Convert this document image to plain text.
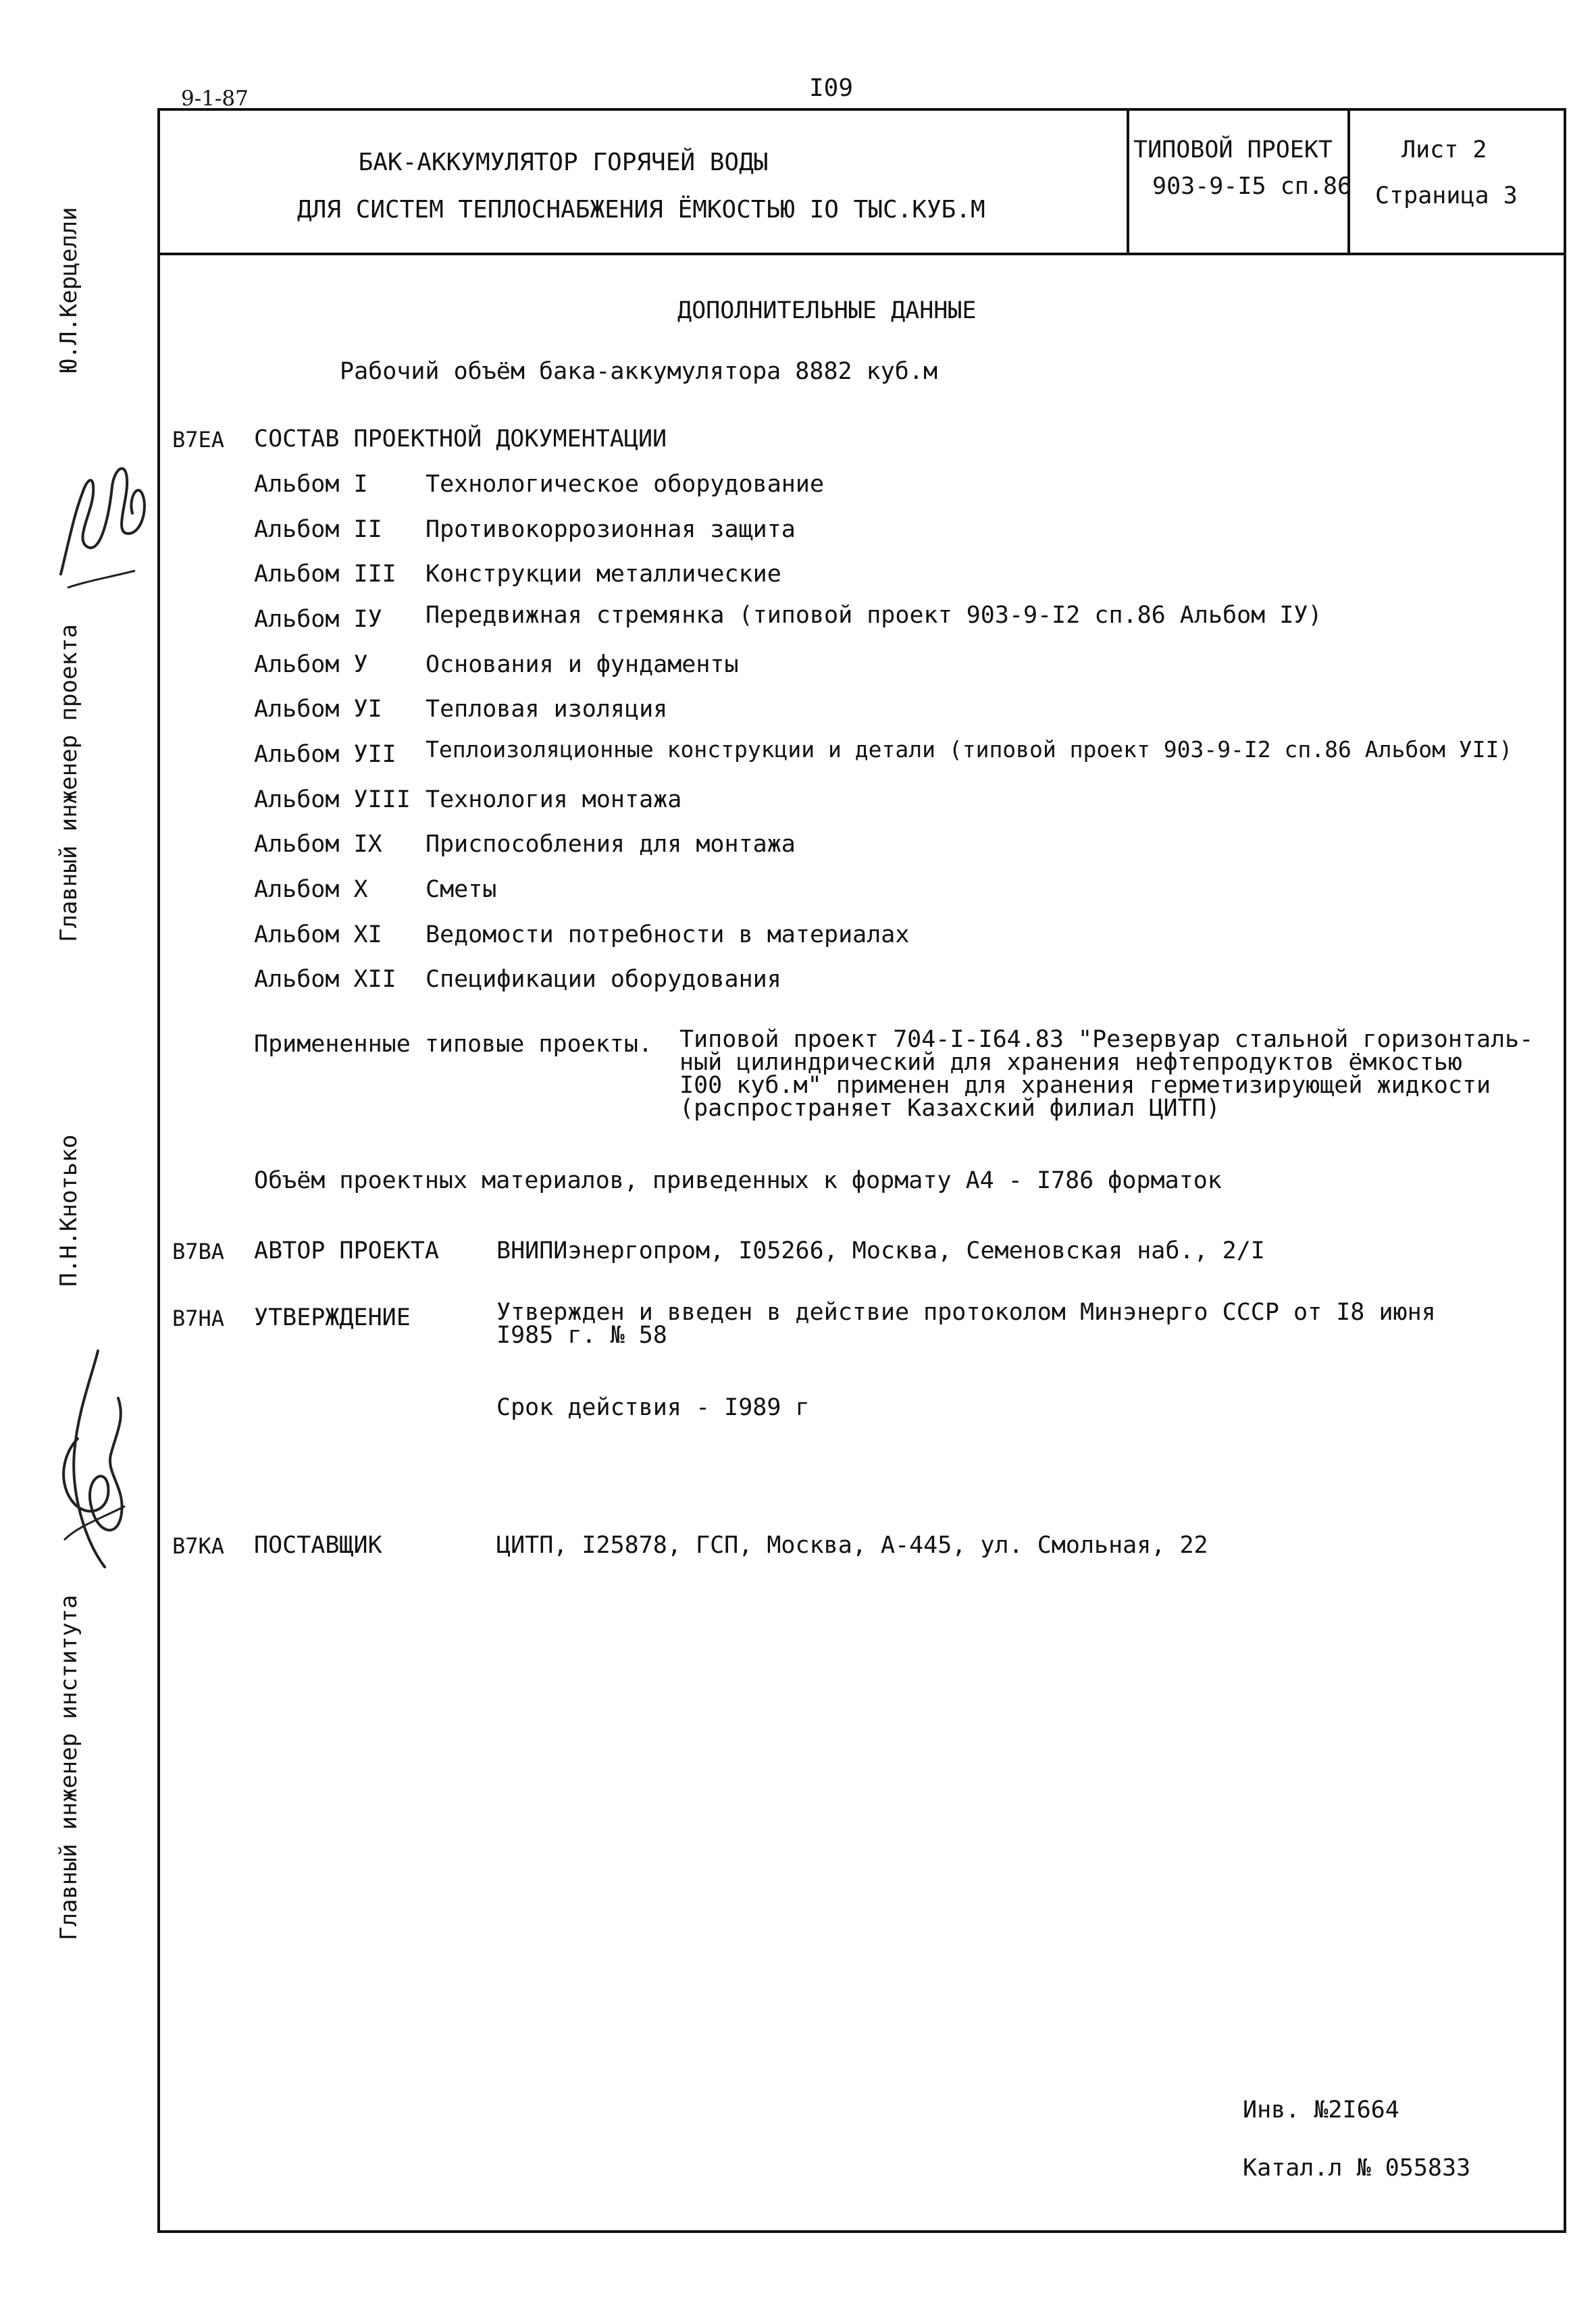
9-1-87	I09
БАК-АККУМУЛЯТОР ГОРЯЧЕЙ ВОДЫ
ДЛЯ СИСТЕМ ТЕПЛОСНАБЖЕНИЯ ЁМКОСТЬЮ IO ТЫС.КУБ.М
ТИПОВОЙ ПРОЕКТ
903-9-I5 сп.86
Лист 2
Страница 3
ДОПОЛНИТЕЛЬНЫЕ ДАННЫЕ
Рабочий объём бака-аккумулятора 8882 куб.м
B7EA СОСТАВ ПРОЕКТНОЙ ДОКУМЕНТАЦИИ
Альбом I Технологическое оборудование
Альбом II Противокоррозионная защита
Альбом III Конструкции металлические
Альбом IУ Передвижная стремянка (типовой проект 903-9-I2 сп.86 Альбом IУ)
Альбом У Основания и фундаменты
Альбом УI Тепловая изоляция
Альбом УII Теплоизоляционные конструкции и детали (типовой проект 903-9-I2 сп.86 Альбом УII)
Альбом УIII Технология монтажа
Альбом IX Приспособления для монтажа
Альбом X Сметы
Альбом XI Ведомости потребности в материалах
Альбом XII Спецификации оборудования
Примененные типовые проекты. Типовой проект 704-I-I64.83 "Резервуар стальной горизонталь-
ный цилиндрический для хранения нефтепродуктов ёмкостью
I00 куб.м" применен для хранения герметизирующей жидкости
(распространяет Казахский филиал ЦИТП)
Объём проектных материалов, приведенных к формату А4 - I786 форматок
B7BA АВТОР ПРОЕКТА ВНИПИэнергопром, I05266, Москва, Семеновская наб., 2/I
B7HA УТВЕРЖДЕНИЕ	Утвержден и введен в действие протоколом Минэнерго СССР от I8 июня
I985 г. № 58
Срок действия - I989 г
B7KA ПОСТАВЩИК	ЦИТП, I25878, ГСП, Москва, А-445, ул. Смольная, 22
Инв. №2I664
Катал.л № 055833
Ю.Л.Керцелли
Главный инженер проекта
П.Н.Кнотько
Главный инженер института
